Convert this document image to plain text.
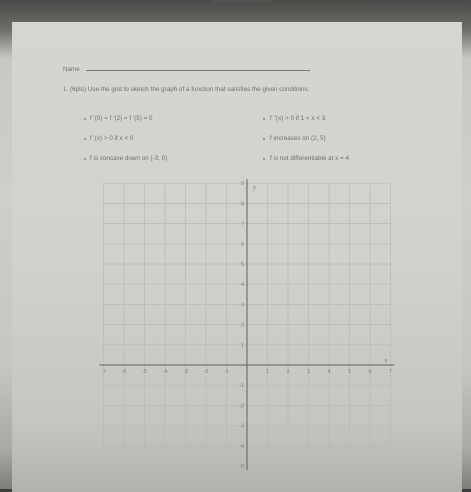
Name
1. (6pts) Use the grid to sketch the graph of a function that satisfies the given conditions:
f '(0) = f '(2) = f '(5) = 0
f '(x) > 0 if x < 0
f is concave down on (-3, 0)
f ''(x) > 0 if 1 < x < 3
f increases on (2, 5)
f is not differentiable at x = 4
-7	-6	-5	-4	-3	-2	-1	1	2	3	4	5	6	7
9
8
7
6
5
4
3
2
1
-1
-2
-3
-4
-5
x
y
